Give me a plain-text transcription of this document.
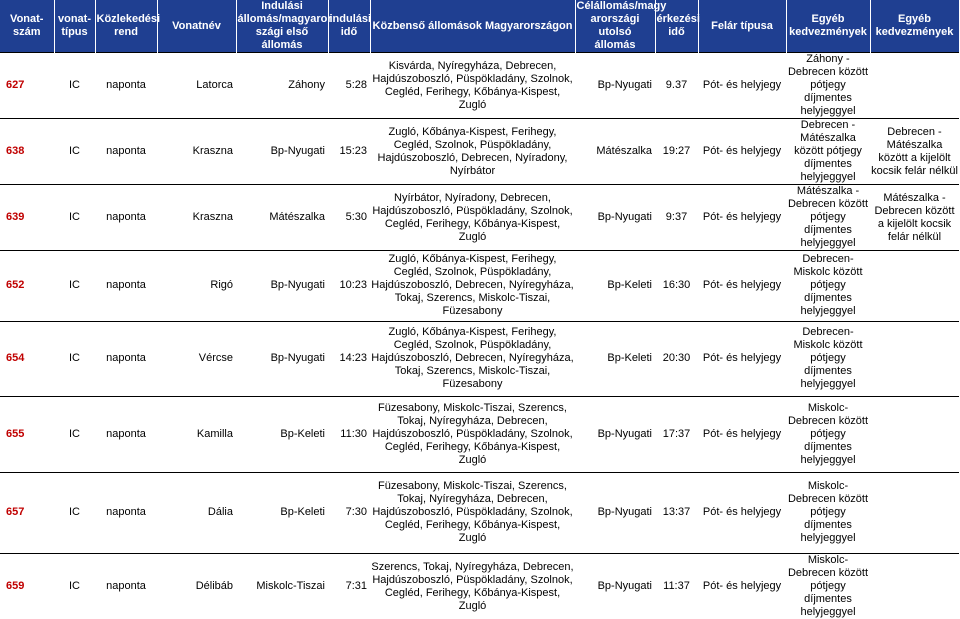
Vonat-
szám	vonat-
típus	Közlekedési
rend	Vonatnév	Indulási
állomás/magyaror
szági első
állomás	indulási
idő	Közbenső állomások Magyarországon	Célállomás/magy
arországi utolsó
állomás	érkezési
idő	Felár típusa	Egyéb
kedvezmények	Egyéb
kedvezmények

627	IC	naponta	Latorca	Záhony	5:28	Kisvárda, Nyíregyháza, Debrecen, Hajdúszoboszló, Püspökladány, Szolnok, Cegléd, Ferihegy, Kőbánya-Kispest, Zugló	Bp-Nyugati	9.37	Pót- és helyjegy	Záhony - Debrecen között pótjegy díjmentes helyjeggyel	

638	IC	naponta	Kraszna	Bp-Nyugati	15:23	Zugló, Kőbánya-Kispest, Ferihegy, Cegléd, Szolnok, Püspökladány, Hajdúszoboszló, Debrecen, Nyíradony, Nyírbátor	Mátészalka	19:27	Pót- és helyjegy	Debrecen - Mátészalka között pótjegy díjmentes helyjeggyel	Debrecen - Mátészalka között a kijelölt kocsik felár nélkül

639	IC	naponta	Kraszna	Mátészalka	5:30	Nyírbátor, Nyíradony, Debrecen, Hajdúszoboszló, Püspökladány, Szolnok, Cegléd, Ferihegy, Kőbánya-Kispest, Zugló	Bp-Nyugati	9:37	Pót- és helyjegy	Mátészalka - Debrecen között pótjegy díjmentes helyjeggyel	Mátészalka - Debrecen között a kijelölt kocsik felár nélkül

652	IC	naponta	Rigó	Bp-Nyugati	10:23	Zugló, Kőbánya-Kispest, Ferihegy, Cegléd, Szolnok, Püspökladány, Hajdúszoboszló, Debrecen, Nyíregyháza, Tokaj, Szerencs, Miskolc-Tiszai, Füzesabony	Bp-Keleti	16:30	Pót- és helyjegy	Debrecen-Miskolc között pótjegy díjmentes helyjeggyel	

654	IC	naponta	Vércse	Bp-Nyugati	14:23	Zugló, Kőbánya-Kispest, Ferihegy, Cegléd, Szolnok, Püspökladány, Hajdúszoboszló, Debrecen, Nyíregyháza, Tokaj, Szerencs, Miskolc-Tiszai, Füzesabony	Bp-Keleti	20:30	Pót- és helyjegy	Debrecen-Miskolc között pótjegy díjmentes helyjeggyel	

655	IC	naponta	Kamilla	Bp-Keleti	11:30	Füzesabony, Miskolc-Tiszai, Szerencs, Tokaj, Nyíregyháza, Debrecen, Hajdúszoboszló, Püspökladány, Szolnok, Cegléd, Ferihegy, Kőbánya-Kispest, Zugló	Bp-Nyugati	17:37	Pót- és helyjegy	Miskolc-Debrecen között pótjegy díjmentes helyjeggyel	

657	IC	naponta	Dália	Bp-Keleti	7:30	Füzesabony, Miskolc-Tiszai, Szerencs, Tokaj, Nyíregyháza, Debrecen, Hajdúszoboszló, Püspökladány, Szolnok, Cegléd, Ferihegy, Kőbánya-Kispest, Zugló	Bp-Nyugati	13:37	Pót- és helyjegy	Miskolc-Debrecen között pótjegy díjmentes helyjeggyel	

659	IC	naponta	Délibáb	Miskolc-Tiszai	7:31	Szerencs, Tokaj, Nyíregyháza, Debrecen, Hajdúszoboszló, Püspökladány, Szolnok, Cegléd, Ferihegy, Kőbánya-Kispest, Zugló	Bp-Nyugati	11:37	Pót- és helyjegy	Miskolc-Debrecen között pótjegy díjmentes helyjeggyel	
